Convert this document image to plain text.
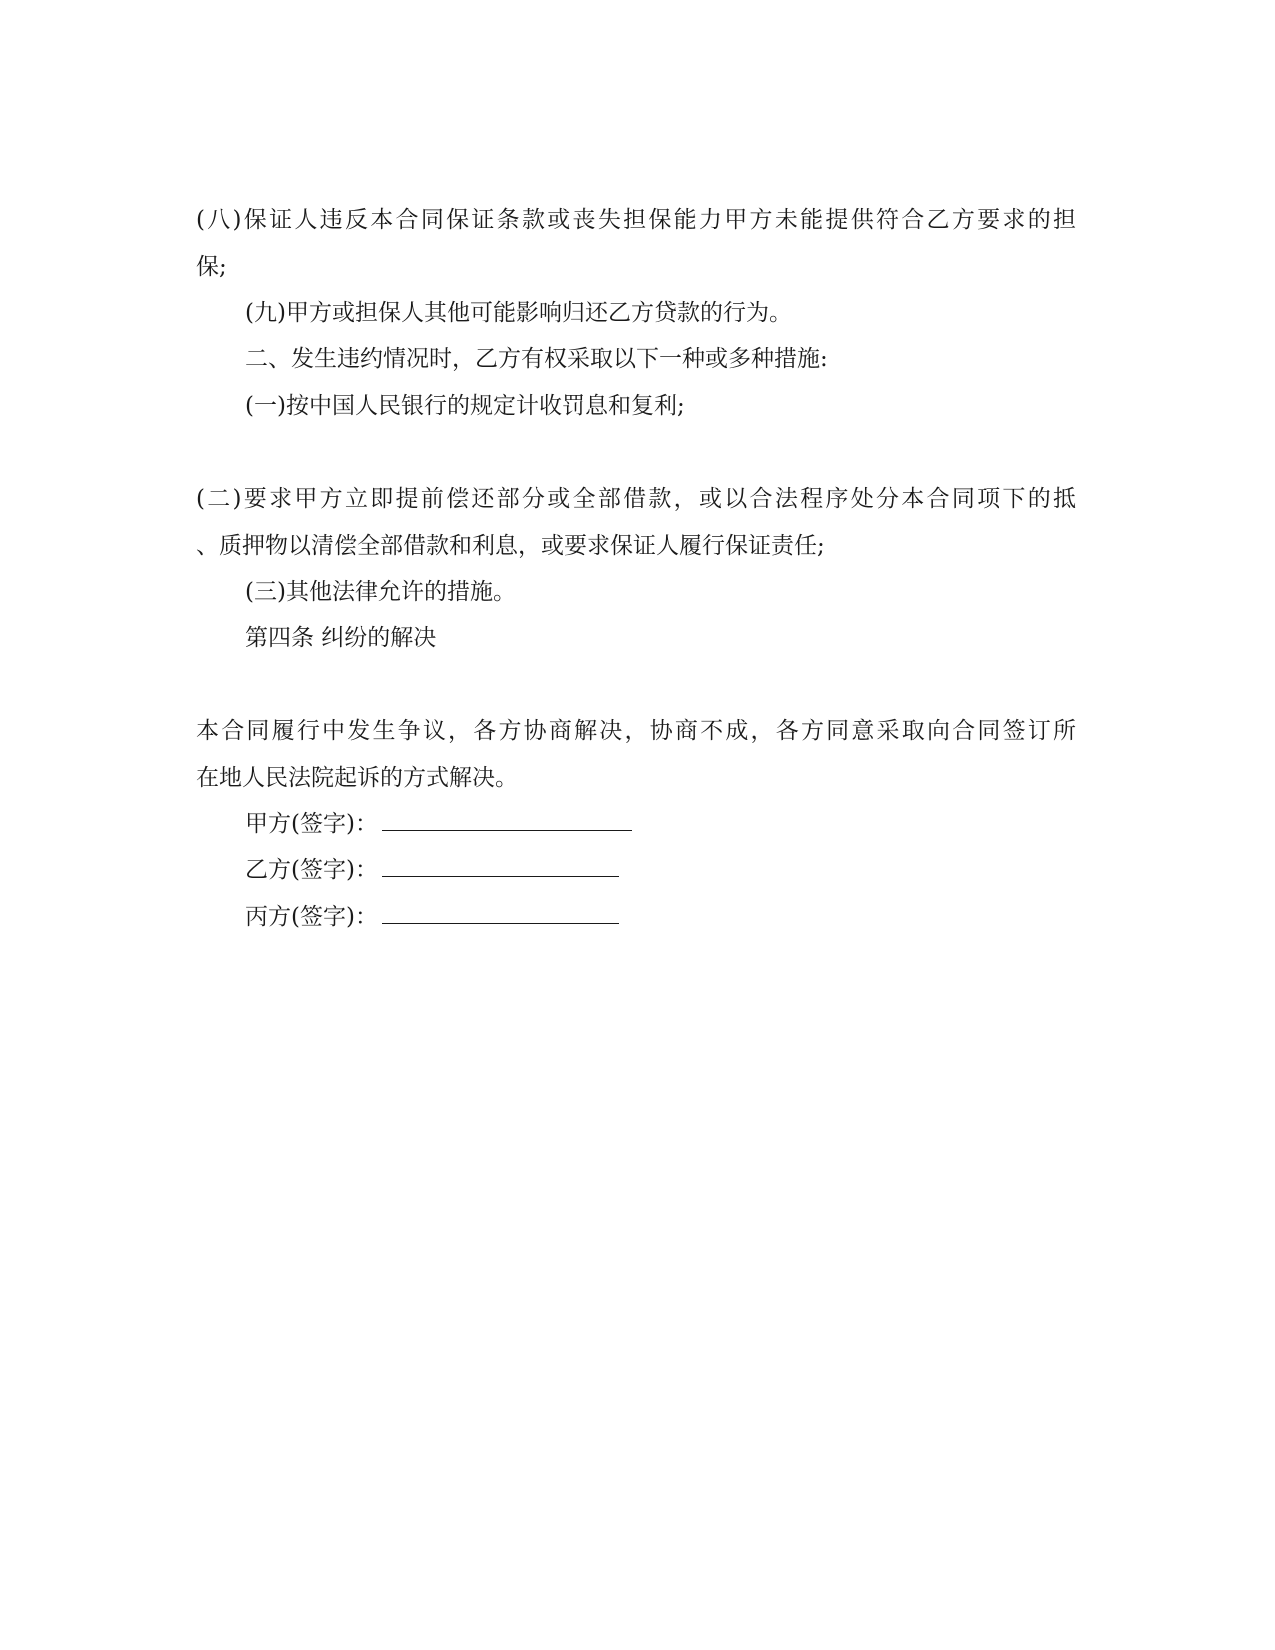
(八)保证人违反本合同保证条款或丧失担保能力甲方未能提供符合乙方要求的担
保;
(九)甲方或担保人其他可能影响归还乙方贷款的行为。
二、发生违约情况时，乙方有权采取以下一种或多种措施:
(一)按中国人民银行的规定计收罚息和复利;
(二)要求甲方立即提前偿还部分或全部借款，或以合法程序处分本合同项下的抵
、质押物以清偿全部借款和利息，或要求保证人履行保证责任;
(三)其他法律允许的措施。
第四条 纠纷的解决
本合同履行中发生争议，各方协商解决，协商不成，各方同意采取向合同签订所
在地人民法院起诉的方式解决。
甲方(签字)：
乙方(签字)：
丙方(签字)：
